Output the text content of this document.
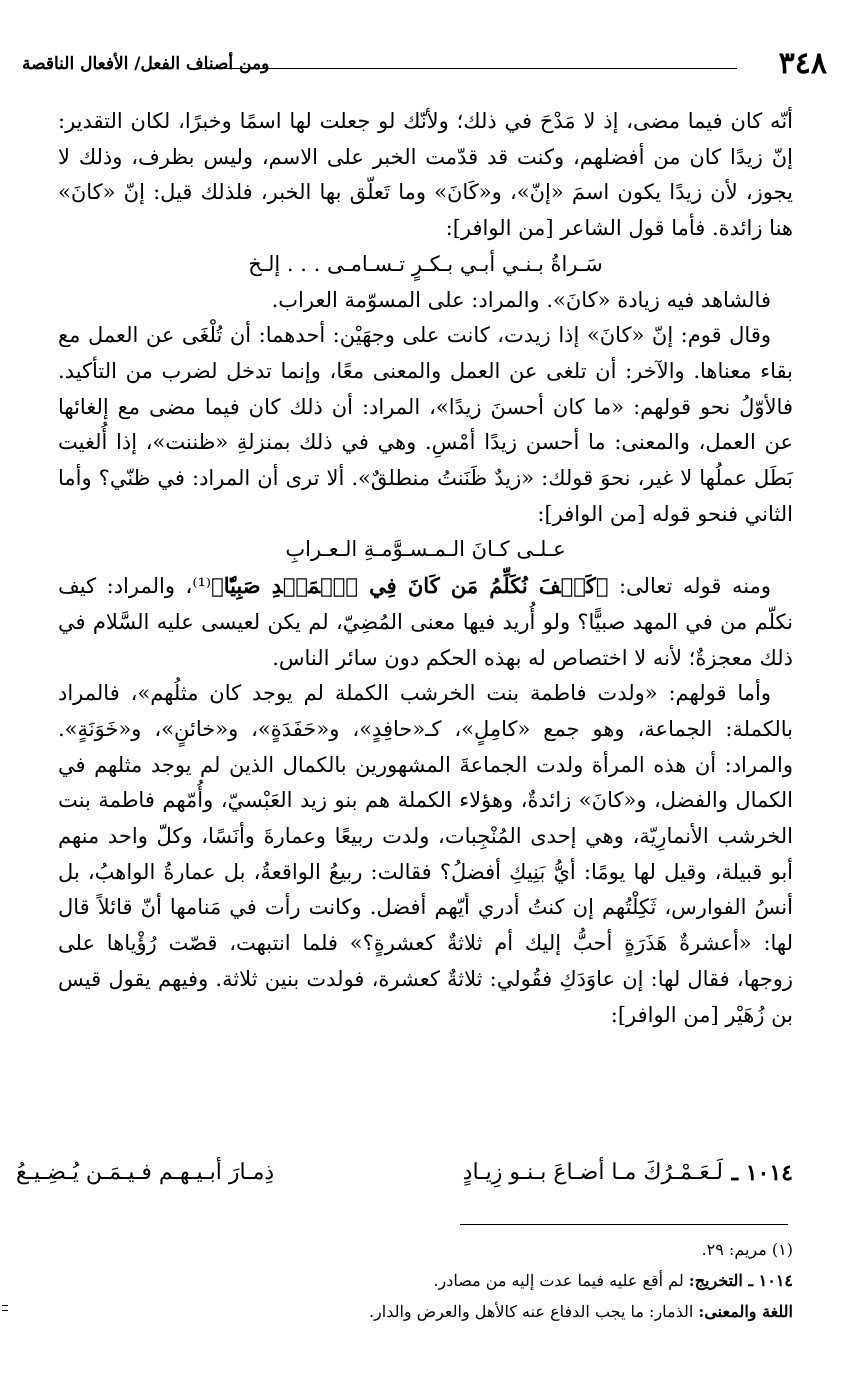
٣٤٨
ومن أصناف الفعل/ الأفعال الناقصة

أنّه كان فيما مضى، إذ لا مَدْحَ في ذلك؛ ولأنّك لو جعلت لها اسمًا وخبرًا، لكان التقدير: إنّ زيدًا كان من أفضلهم، وكنت قد قدّمت الخبر على الاسم، وليس بظرف، وذلك لا يجوز، لأن زيدًا يكون اسمَ «إنّ»، و«كَانَ» وما تَعلّق بها الخبر، فلذلك قيل: إنّ «كانَ» هنا زائدة. فأما قول الشاعر [من الوافر]:

سَـراةُ بـنـي أبـي بـكـرٍ تـسـامـى . . . إلـخ

فالشاهد فيه زيادة «كانَ». والمراد: على المسوّمة العراب.

وقال قوم: إنّ «كانَ» إذا زيدت، كانت على وجهَيْن: أحدهما: أن تُلْغَى عن العمل مع بقاء معناها. والآخر: أن تلغى عن العمل والمعنى معًا، وإنما تدخل لضرب من التأكيد. فالأوّلُ نحو قولهم: «ما كان أحسنَ زيدًا»، المراد: أن ذلك كان فيما مضى مع إلغائها عن العمل، والمعنى: ما أحسن زيدًا أمْسِ. وهي في ذلك بمنزلةِ «ظننت»، إذا أُلغيت بَطَل عملُها لا غير، نحوَ قولك: «زيدٌ ظَنَنتُ منطلقٌ». ألا ترى أن المراد: في ظنّي؟ وأما الثاني فنحو قوله [من الوافر]:

عـلـى كـانَ الـمـسـوَّمـةِ الـعـرابِ

ومنه قوله تعالى: ﴿كَيۡفَ نُكَلِّمُ مَن كَانَ فِي ٱلۡمَهۡدِ صَبِيّٗا﴾⁽¹⁾، والمراد: كيف نكلّم من في المهد صبيًّا؟ ولو أُريد فيها معنى المُضِيّ، لم يكن لعيسى عليه السَّلام في ذلك معجزةٌ؛ لأنه لا اختصاص له بهذه الحكم دون سائر الناس.

وأما قولهم: «ولدت فاطمة بنت الخرشب الكملة لم يوجد كان مثلُهم»، فالمراد بالكملة: الجماعة، وهو جمع «كامِلٍ»، كـ«حافِدٍ»، و«حَفَدَةٍ»، و«خائنٍ»، و«خَوَنَةٍ». والمراد: أن هذه المرأة ولدت الجماعةَ المشهورين بالكمال الذين لم يوجد مثلهم في الكمال والفضل، و«كانَ» زائدةٌ، وهؤلاء الكملة هم بنو زيد العَبْسيّ، وأُمّهم فاطمة بنت الخرشب الأنمارِيّة، وهي إحدى المُنْجِبات، ولدت ربيعًا وعمارةَ وأنَسًا، وكلّ واحد منهم أبو قبيلة، وقيل لها يومًا: أيُّ بَنِيكِ أفضلُ؟ فقالت: ربيعُ الواقعةُ، بل عمارةُ الواهبُ، بل أنسُ الفوارس، ثَكِلْتُهم إن كنتُ أدري أيّهم أفضل. وكانت رأت في مَنامها أنّ قائلاً قال لها: «أعشرةٌ هَذَرَةٍ أحبُّ إليك أم ثلاثةٌ كعشرةٍ؟» فلما انتبهت، قصّت رُؤْياها على زوجها، فقال لها: إن عاوَدَكِ فقُولي: ثلاثةٌ كعشرة، فولدت بنين ثلاثة. وفيهم يقول قيس بن زُهَيْر [من الوافر]:

١٠١٤ ـ
لَـعَـمْـرُكَ مـا أضـاعَ بـنـو زِيـادٍ
ذِمـارَ أبـيـهـم فـيـمَـن يُـضِـيـعُ

(١) مريم: ٢٩.

١٠١٤ ـ التخريج: لم أقع عليه فيما عدت إليه من مصادر.

اللغة والمعنى: الذمار: ما يجب الدفاع عنه كالأهل والعرض والدار.
